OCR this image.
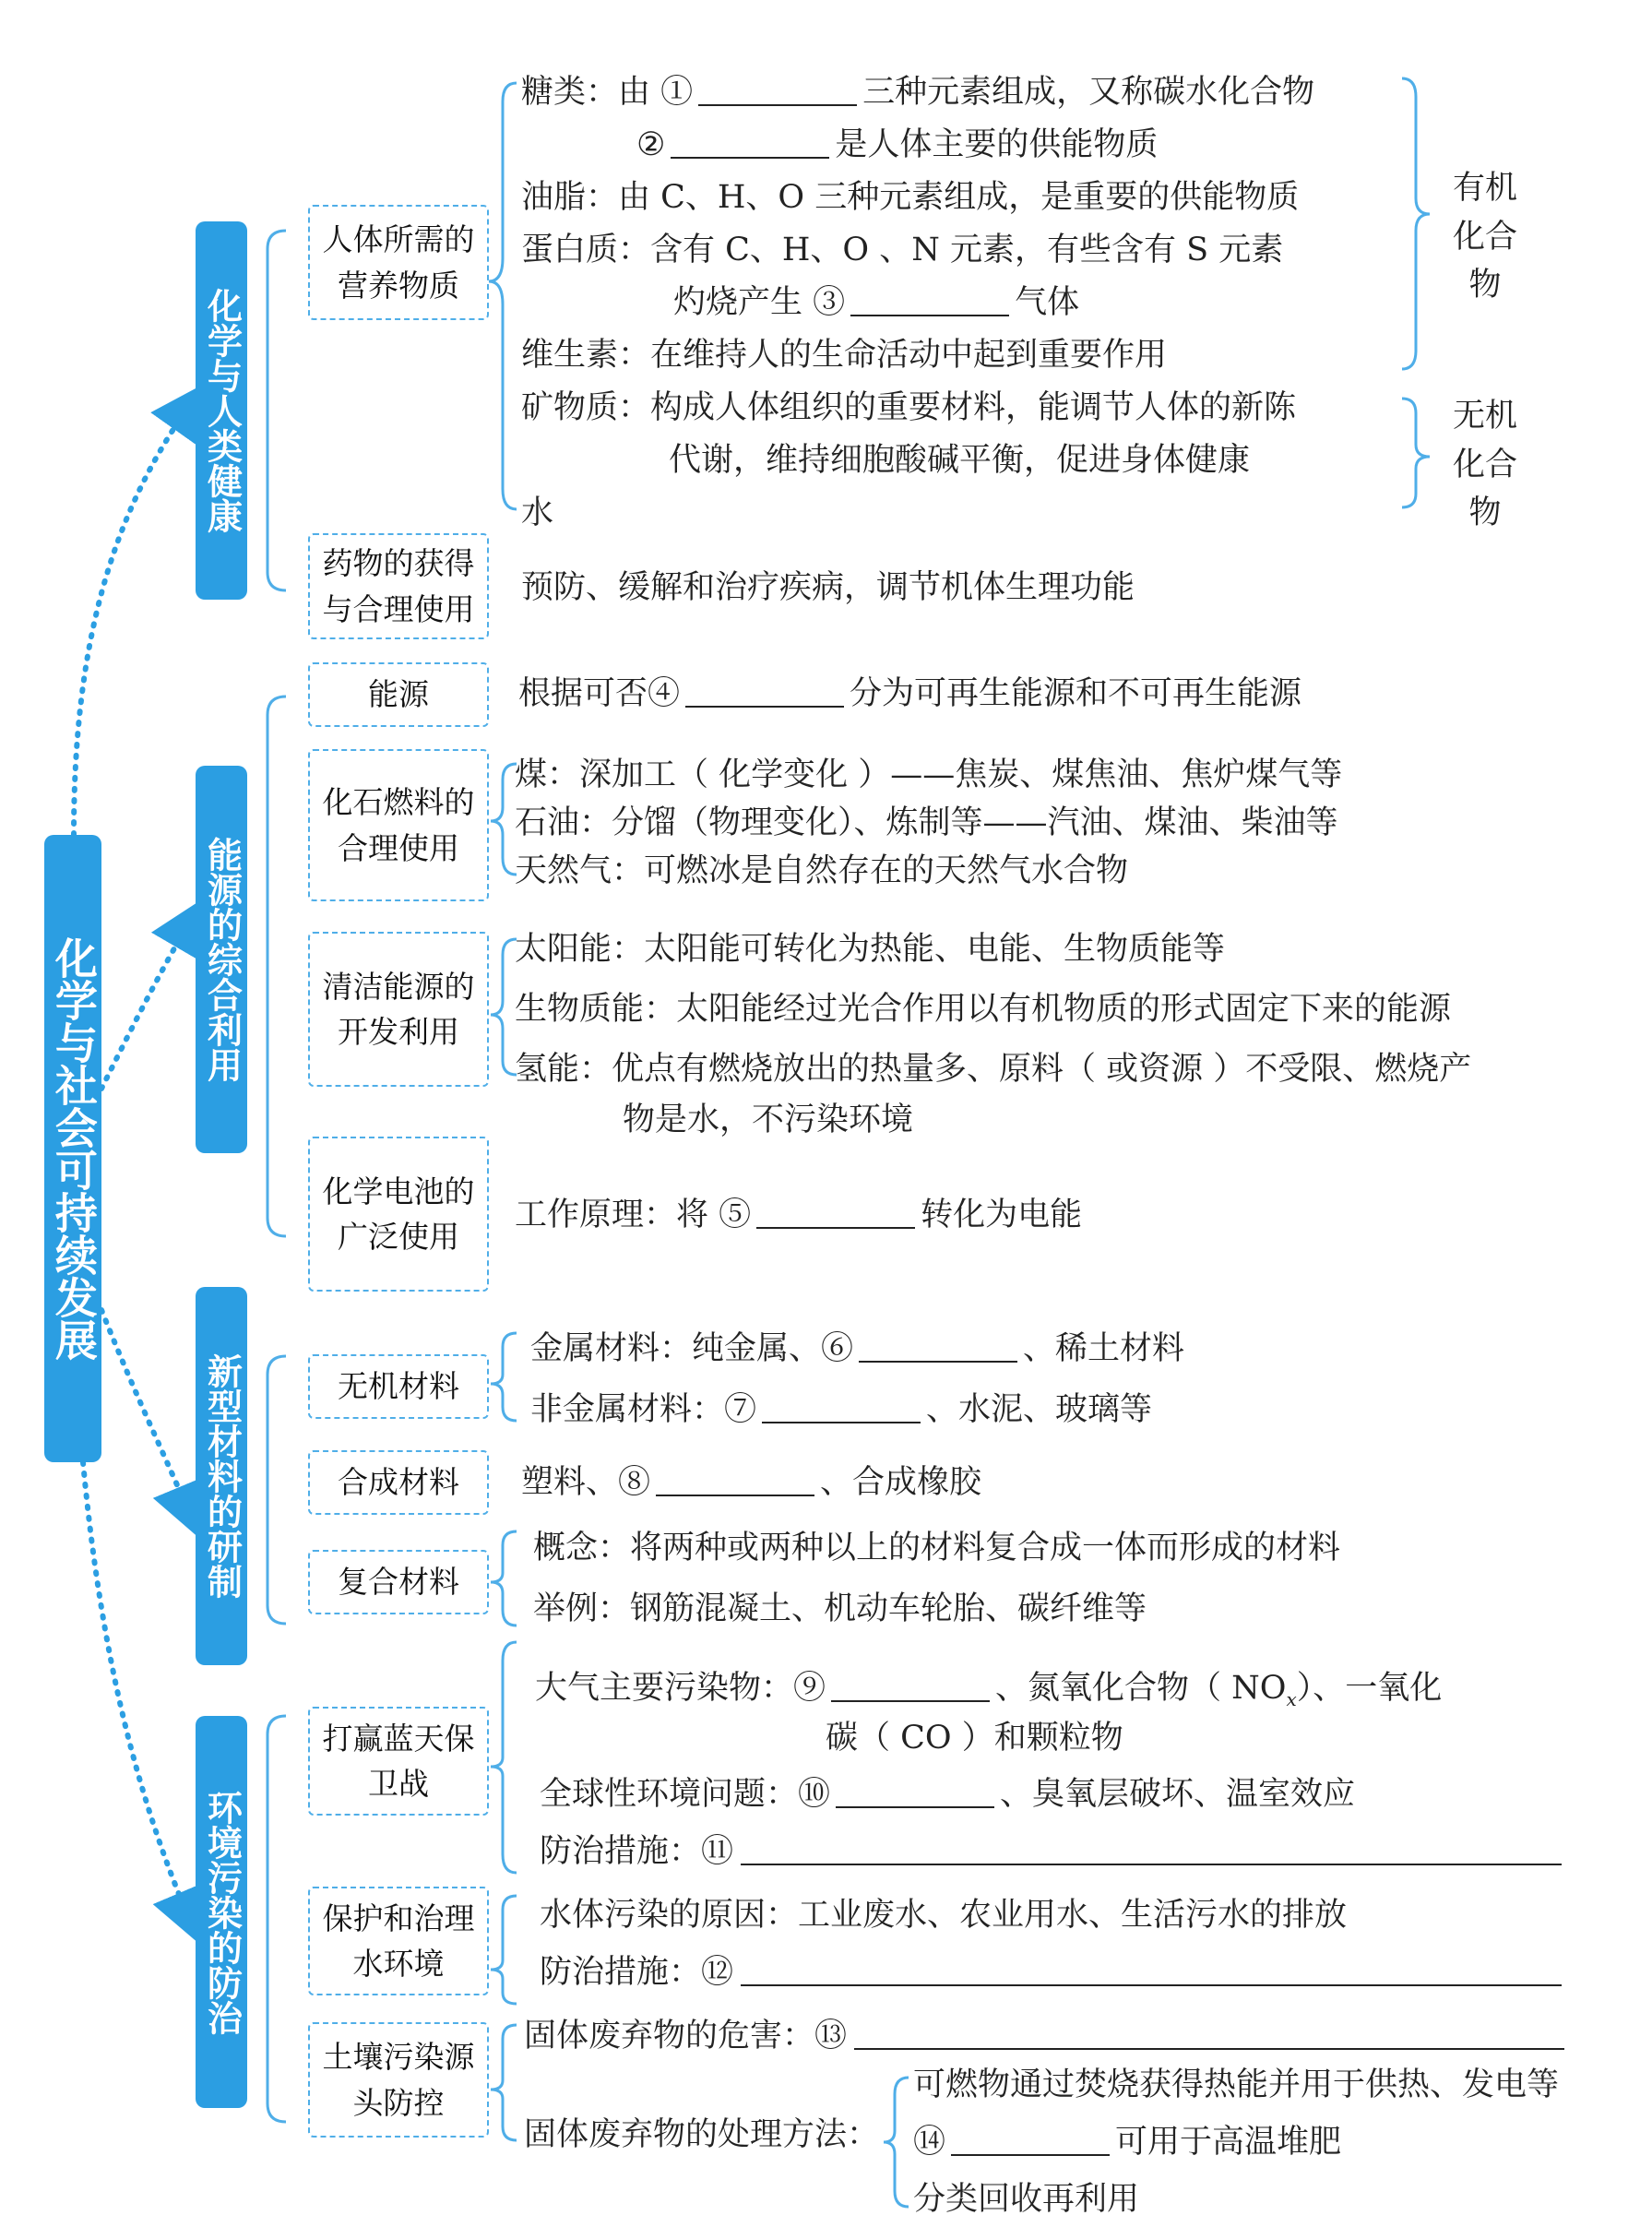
化学与社会可持续发展
化学与人类健康
能源的综合利用
新型材料的研制
环境污染的防治
人体所需的营养物质
药物的获得与合理使用
能源
化石燃料的合理使用
清洁能源的开发利用
化学电池的广泛使用
无机材料
合成材料
复合材料
打赢蓝天保卫战
保护和治理水环境
土壤污染源头防控
糖类：由 ①	三种元素组成，又称碳水化合物
②	是人体主要的供能物质
油脂：由 C、H、O 三种元素组成，是重要的供能物质
蛋白质：含有 C、H、O 、N 元素，有些含有 S 元素
灼烧产生 ③	气体
维生素：在维持人的生命活动中起到重要作用
矿物质：构成人体组织的重要材料，能调节人体的新陈
代谢，维持细胞酸碱平衡，促进身体健康
水
有机化合物
无机化合物
预防、缓解和治疗疾病，调节机体生理功能
根据可否④	分为可再生能源和不可再生能源
煤：深加工（ 化学变化 ）——焦炭、煤焦油、焦炉煤气等
石油：分馏（物理变化）、炼制等——汽油、煤油、柴油等
天然气：可燃冰是自然存在的天然气水合物
太阳能：太阳能可转化为热能、电能、生物质能等
生物质能：太阳能经过光合作用以有机物质的形式固定下来的能源
氢能：优点有燃烧放出的热量多、原料（ 或资源 ）不受限、燃烧产
物是水，不污染环境
工作原理：将 ⑤	转化为电能
金属材料：纯金属、⑥	、稀土材料
非金属材料：⑦	、水泥、玻璃等
塑料、⑧	、合成橡胶
概念：将两种或两种以上的材料复合成一体而形成的材料
举例：钢筋混凝土、机动车轮胎、碳纤维等
大气主要污染物：⑨	、氮氧化合物（ $NO_x$）、一氧化
碳（ CO ）和颗粒物
全球性环境问题：⑩	、臭氧层破坏、温室效应
防治措施：⑪
水体污染的原因：工业废水、农业用水、生活污水的排放
防治措施：⑫
固体废弃物的危害：⑬
固体废弃物的处理方法：
可燃物通过焚烧获得热能并用于供热、发电等
⑭	可用于高温堆肥
分类回收再利用
